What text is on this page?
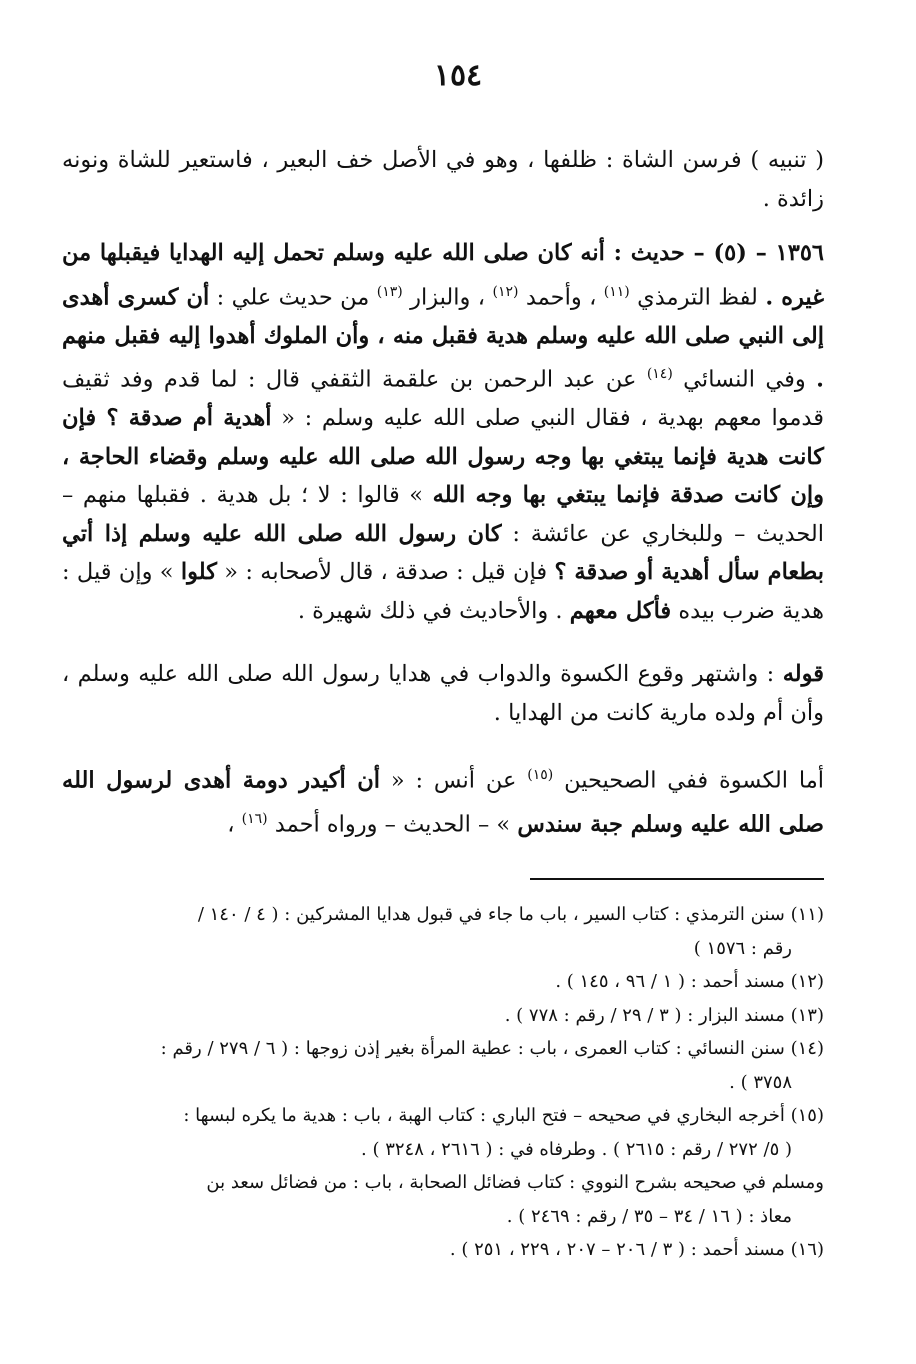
١٥٤
( تنبيه ) فرسن الشاة : ظلفها ، وهو في الأصل خف البعير ، فاستعير للشاة ونونه زائدة .
١٣٥٦ – (٥) – حديث : أنه كان صلى الله عليه وسلم تحمل إليه الهدايا فيقبلها من غيره . لفظ الترمذي $^{(١١)}$ ، وأحمد $^{(١٢)}$ ، والبزار $^{(١٣)}$ من حديث علي : أن كسرى أهدى إلى النبي صلى الله عليه وسلم هدية فقبل منه ، وأن الملوك أهدوا إليه فقبل منهم . وفي النسائي $^{(١٤)}$ عن عبد الرحمن بن علقمة الثقفي قال : لما قدم وفد ثقيف قدموا معهم بهدية ، فقال النبي صلى الله عليه وسلم : « أهدية أم صدقة ؟ فإن كانت هدية فإنما يبتغي بها وجه رسول الله صلى الله عليه وسلم وقضاء الحاجة ، وإن كانت صدقة فإنما يبتغي بها وجه الله » قالوا : لا ؛ بل هدية . فقبلها منهم – الحديث – وللبخاري عن عائشة : كان رسول الله صلى الله عليه وسلم إذا أتي بطعام سأل أهدية أو صدقة ؟ فإن قيل : صدقة ، قال لأصحابه : « كلوا » وإن قيل : هدية ضرب بيده فأكل معهم . والأحاديث في ذلك شهيرة .
قوله : واشتهر وقوع الكسوة والدواب في هدايا رسول الله صلى الله عليه وسلم ، وأن أم ولده مارية كانت من الهدايا .
أما الكسوة ففي الصحيحين $^{(١٥)}$ عن أنس : « أن أكيدر دومة أهدى لرسول الله صلى الله عليه وسلم جبة سندس » – الحديث – ورواه أحمد $^{(١٦)}$ ،
(١١) سنن الترمذي : كتاب السير ، باب ما جاء في قبول هدايا المشركين : ( ٤ / ١٤٠ /
رقم : ١٥٧٦ )
(١٢) مسند أحمد : ( ١ / ٩٦ ، ١٤٥ ) .
(١٣) مسند البزار : ( ٣ / ٢٩ / رقم : ٧٧٨ ) .
(١٤) سنن النسائي : كتاب العمرى ، باب : عطية المرأة بغير إذن زوجها : ( ٦ / ٢٧٩ / رقم :
٣٧٥٨ ) .
(١٥) أخرجه البخاري في صحيحه – فتح الباري : كتاب الهبة ، باب : هدية ما يكره لبسها :
( ٥/ ٢٧٢ / رقم : ٢٦١٥ ) . وطرفاه في : ( ٢٦١٦ ، ٣٢٤٨ ) .
ومسلم في صحيحه بشرح النووي : كتاب فضائل الصحابة ، باب : من فضائل سعد بن
معاذ : ( ١٦ / ٣٤ – ٣٥ / رقم : ٢٤٦٩ ) .
(١٦) مسند أحمد : ( ٣ / ٢٠٦ – ٢٠٧ ، ٢٢٩ ، ٢٥١ ) .
